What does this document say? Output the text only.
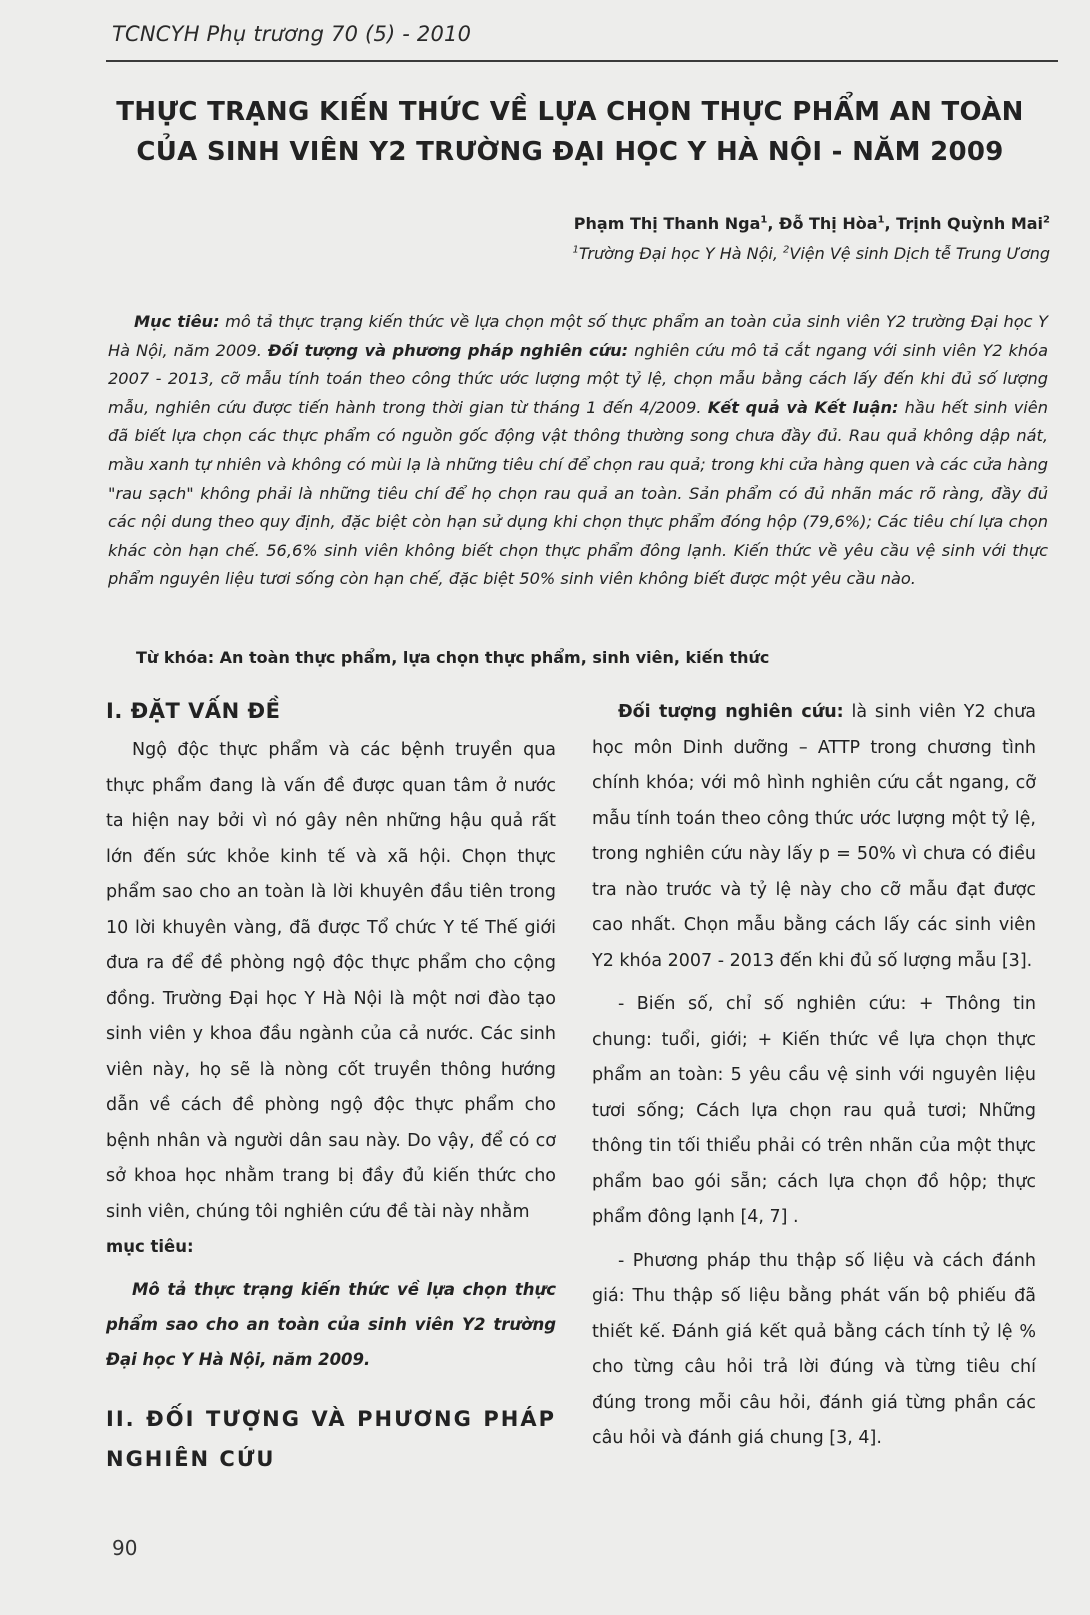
TCNCYH Phụ trương 70 (5) - 2010
THỰC TRẠNG KIẾN THỨC VỀ LỰA CHỌN THỰC PHẨM AN TOÀN
CỦA SINH VIÊN Y2 TRƯỜNG ĐẠI HỌC Y HÀ NỘI - NĂM 2009
Phạm Thị Thanh Nga$^1$, Đỗ Thị Hòa$^1$, Trịnh Quỳnh Mai$^2$
$^1$Trường Đại học Y Hà Nội, $^2$Viện Vệ sinh Dịch tễ Trung Ương
Mục tiêu: mô tả thực trạng kiến thức về lựa chọn một số thực phẩm an toàn của sinh viên Y2 trường Đại học Y Hà Nội, năm 2009. Đối tượng và phương pháp nghiên cứu: nghiên cứu mô tả cắt ngang với sinh viên Y2 khóa 2007 - 2013, cỡ mẫu tính toán theo công thức ước lượng một tỷ lệ, chọn mẫu bằng cách lấy đến khi đủ số lượng mẫu, nghiên cứu được tiến hành trong thời gian từ tháng 1 đến 4/2009. Kết quả và Kết luận: hầu hết sinh viên đã biết lựa chọn các thực phẩm có nguồn gốc động vật thông thường song chưa đầy đủ. Rau quả không dập nát, mầu xanh tự nhiên và không có mùi lạ là những tiêu chí để chọn rau quả; trong khi cửa hàng quen và các cửa hàng "rau sạch" không phải là những tiêu chí để họ chọn rau quả an toàn. Sản phẩm có đủ nhãn mác rõ ràng, đầy đủ các nội dung theo quy định, đặc biệt còn hạn sử dụng khi chọn thực phẩm đóng hộp (79,6%); Các tiêu chí lựa chọn khác còn hạn chế. 56,6% sinh viên không biết chọn thực phẩm đông lạnh. Kiến thức về yêu cầu vệ sinh với thực phẩm nguyên liệu tươi sống còn hạn chế, đặc biệt 50% sinh viên không biết được một yêu cầu nào.
Từ khóa: An toàn thực phẩm, lựa chọn thực phẩm, sinh viên, kiến thức
I. ĐẶT VẤN ĐỀ

Ngộ độc thực phẩm và các bệnh truyền qua thực phẩm đang là vấn đề được quan tâm ở nước ta hiện nay bởi vì nó gây nên những hậu quả rất lớn đến sức khỏe kinh tế và xã hội. Chọn thực phẩm sao cho an toàn là lời khuyên đầu tiên trong 10 lời khuyên vàng, đã được Tổ chức Y tế Thế giới đưa ra để đề phòng ngộ độc thực phẩm cho cộng đồng. Trường Đại học Y Hà Nội là một nơi đào tạo sinh viên y khoa đầu ngành của cả nước. Các sinh viên này, họ sẽ là nòng cốt truyền thông hướng dẫn về cách đề phòng ngộ độc thực phẩm cho bệnh nhân và người dân sau này. Do vậy, để có cơ sở khoa học nhằm trang bị đầy đủ kiến thức cho sinh viên, chúng tôi nghiên cứu đề tài này nhằm

mục tiêu:

Mô tả thực trạng kiến thức về lựa chọn thực phẩm sao cho an toàn của sinh viên Y2 trường Đại học Y Hà Nội, năm 2009.

II. ĐỐI TƯỢNG VÀ PHƯƠNG PHÁP NGHIÊN CỨU

Đối tượng nghiên cứu: là sinh viên Y2 chưa học môn Dinh dưỡng – ATTP trong chương tình chính khóa; với mô hình nghiên cứu cắt ngang, cỡ mẫu tính toán theo công thức ước lượng một tỷ lệ, trong nghiên cứu này lấy p = 50% vì chưa có điều tra nào trước và tỷ lệ này cho cỡ mẫu đạt được cao nhất. Chọn mẫu bằng cách lấy các sinh viên Y2 khóa 2007 - 2013 đến khi đủ số lượng mẫu [3].

- Biến số, chỉ số nghiên cứu: + Thông tin chung: tuổi, giới; + Kiến thức về lựa chọn thực phẩm an toàn: 5 yêu cầu vệ sinh với nguyên liệu tươi sống; Cách lựa chọn rau quả tươi; Những thông tin tối thiểu phải có trên nhãn của một thực phẩm bao gói sẵn; cách lựa chọn đồ hộp; thực phẩm đông lạnh [4, 7] .

- Phương pháp thu thập số liệu và cách đánh giá: Thu thập số liệu bằng phát vấn bộ phiếu đã thiết kế. Đánh giá kết quả bằng cách tính tỷ lệ % cho từng câu hỏi trả lời đúng và từng tiêu chí đúng trong mỗi câu hỏi, đánh giá từng phần các câu hỏi và đánh giá chung [3, 4].

90
